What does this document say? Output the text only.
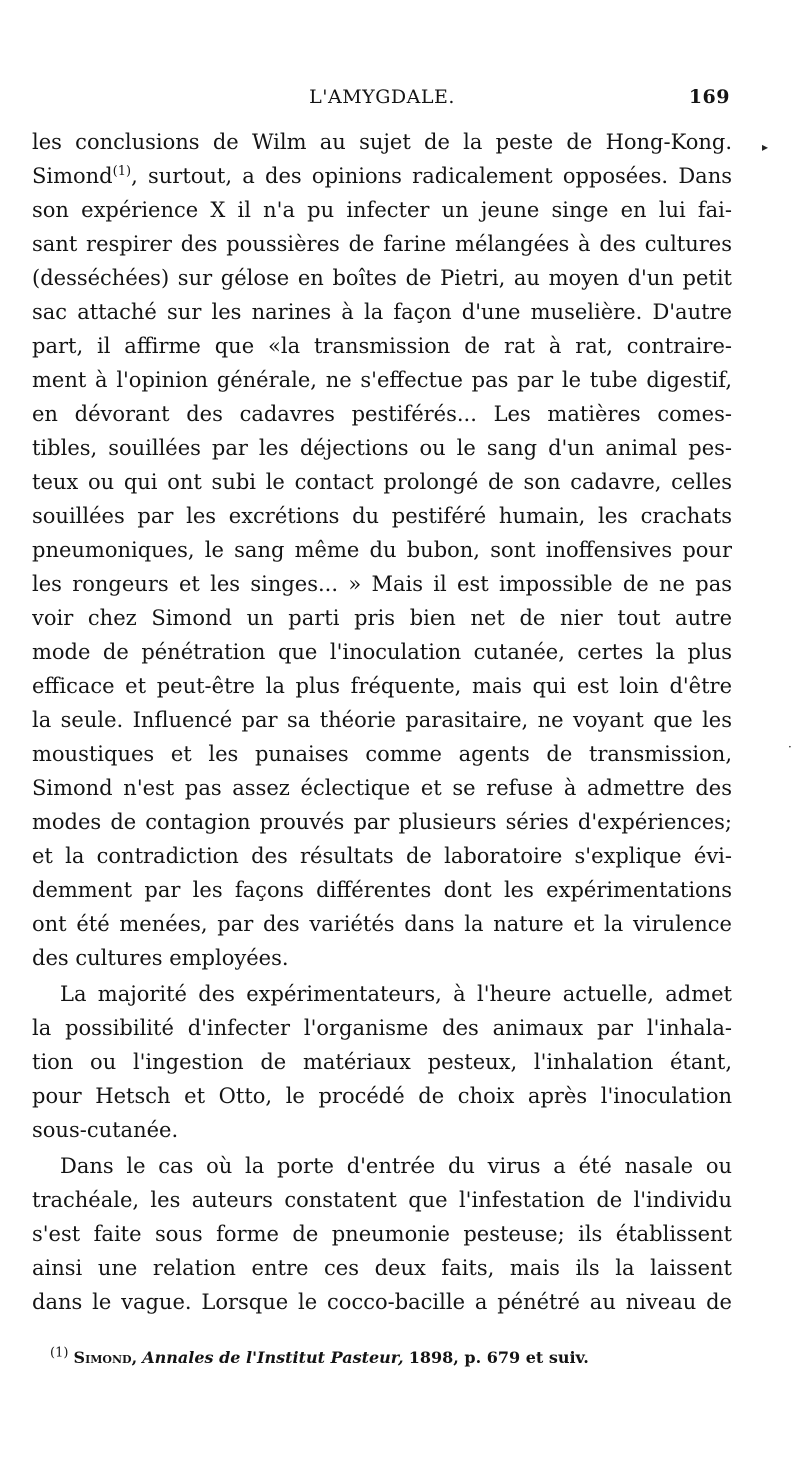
L'AMYGDALE.	169
les conclusions de Wilm au sujet de la peste de Hong-Kong.
Simond$^{(1)}$, surtout, a des opinions radicalement opposées. Dans
son expérience X il n'a pu infecter un jeune singe en lui fai-
sant respirer des poussières de farine mélangées à des cultures
(desséchées) sur gélose en boîtes de Pietri, au moyen d'un petit
sac attaché sur les narines à la façon d'une muselière. D'autre
part, il affirme que «la transmission de rat à rat, contraire-
ment à l'opinion générale, ne s'effectue pas par le tube digestif,
en dévorant des cadavres pestiférés... Les matières comes-
tibles, souillées par les déjections ou le sang d'un animal pes-
teux ou qui ont subi le contact prolongé de son cadavre, celles
souillées par les excrétions du pestiféré humain, les crachats
pneumoniques, le sang même du bubon, sont inoffensives pour
les rongeurs et les singes... » Mais il est impossible de ne pas
voir chez Simond un parti pris bien net de nier tout autre
mode de pénétration que l'inoculation cutanée, certes la plus
efficace et peut-être la plus fréquente, mais qui est loin d'être
la seule. Influencé par sa théorie parasitaire, ne voyant que les
moustiques et les punaises comme agents de transmission,
Simond n'est pas assez éclectique et se refuse à admettre des
modes de contagion prouvés par plusieurs séries d'expériences;
et la contradiction des résultats de laboratoire s'explique évi-
demment par les façons différentes dont les expérimentations
ont été menées, par des variétés dans la nature et la virulence
des cultures employées.
La majorité des expérimentateurs, à l'heure actuelle, admet
la possibilité d'infecter l'organisme des animaux par l'inhala-
tion ou l'ingestion de matériaux pesteux, l'inhalation étant,
pour Hetsch et Otto, le procédé de choix après l'inoculation
sous-cutanée.
Dans le cas où la porte d'entrée du virus a été nasale ou
trachéale, les auteurs constatent que l'infestation de l'individu
s'est faite sous forme de pneumonie pesteuse; ils établissent
ainsi une relation entre ces deux faits, mais ils la laissent
dans le vague. Lorsque le cocco-bacille a pénétré au niveau de
$^{(1)}$ Simond, Annales de l'Institut Pasteur, 1898, p. 679 et suiv.
▸
·
